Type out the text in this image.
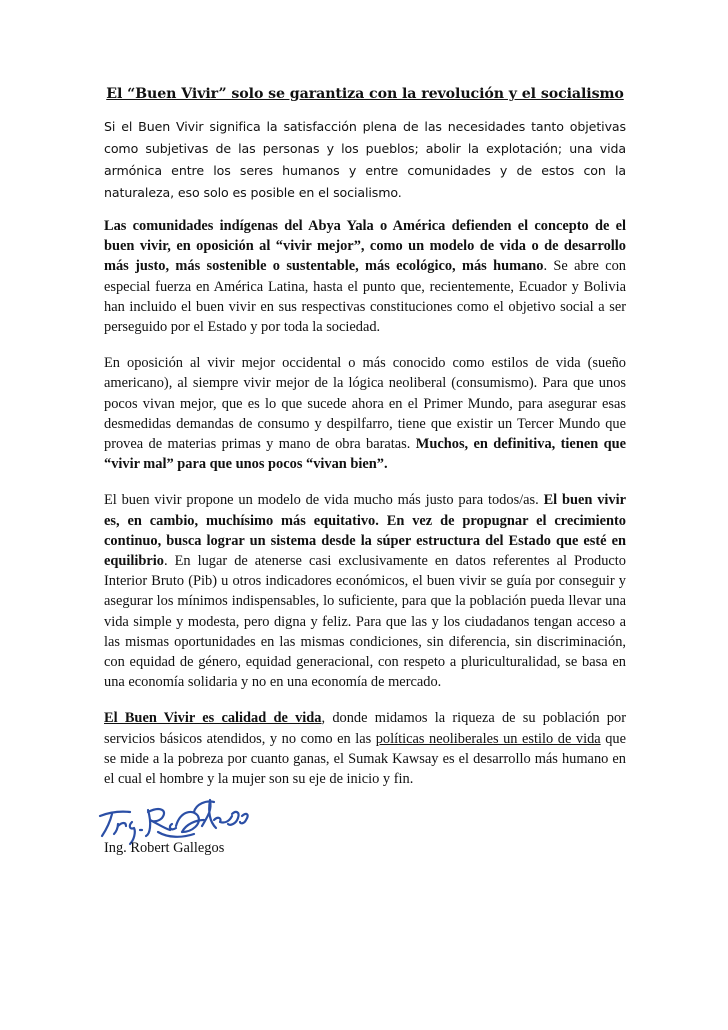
El “Buen Vivir” solo se garantiza con la revolución y el socialismo

Si el Buen Vivir significa la satisfacción plena de las necesidades tanto objetivas como subjetivas de las personas y los pueblos; abolir la explotación; una vida armónica entre los seres humanos y entre comunidades y de estos con la naturaleza, eso solo es posible en el socialismo.

Las comunidades indígenas del Abya Yala o América defienden el concepto de el buen vivir, en oposición al “vivir mejor”, como un modelo de vida o de desarrollo más justo, más sostenible o sustentable, más ecológico, más humano. Se abre con especial fuerza en América Latina, hasta el punto que, recientemente, Ecuador y Bolivia han incluido el buen vivir en sus respectivas constituciones como el objetivo social a ser perseguido por el Estado y por toda la sociedad.

En oposición al vivir mejor occidental o más conocido como estilos de vida (sueño americano), al siempre vivir mejor de la lógica neoliberal (consumismo). Para que unos pocos vivan mejor, que es lo que sucede ahora en el Primer Mundo, para asegurar esas desmedidas demandas de consumo y despilfarro, tiene que existir un Tercer Mundo que provea de materias primas y mano de obra baratas. Muchos, en definitiva, tienen que “vivir mal” para que unos pocos “vivan bien”.

El buen vivir propone un modelo de vida mucho más justo para todos/as. El buen vivir es, en cambio, muchísimo más equitativo. En vez de propugnar el crecimiento continuo, busca lograr un sistema desde la súper estructura del Estado que esté en equilibrio. En lugar de atenerse casi exclusivamente en datos referentes al Producto Interior Bruto (Pib) u otros indicadores económicos, el buen vivir se guía por conseguir y asegurar los mínimos indispensables, lo suficiente, para que la población pueda llevar una vida simple y modesta, pero digna y feliz. Para que las y los ciudadanos tengan acceso a las mismas oportunidades en las mismas condiciones, sin diferencia, sin discriminación, con equidad de género, equidad generacional, con respeto a pluriculturalidad, se basa en una economía solidaria y no en una economía de mercado.

El Buen Vivir es calidad de vida, donde midamos la riqueza de su población por servicios básicos atendidos, y no como en las políticas neoliberales un estilo de vida que se mide a la pobreza por cuanto ganas, el Sumak Kawsay es el desarrollo más humano en el cual el hombre y la mujer son su eje de inicio y fin.

Ing. Robert Gallegos
